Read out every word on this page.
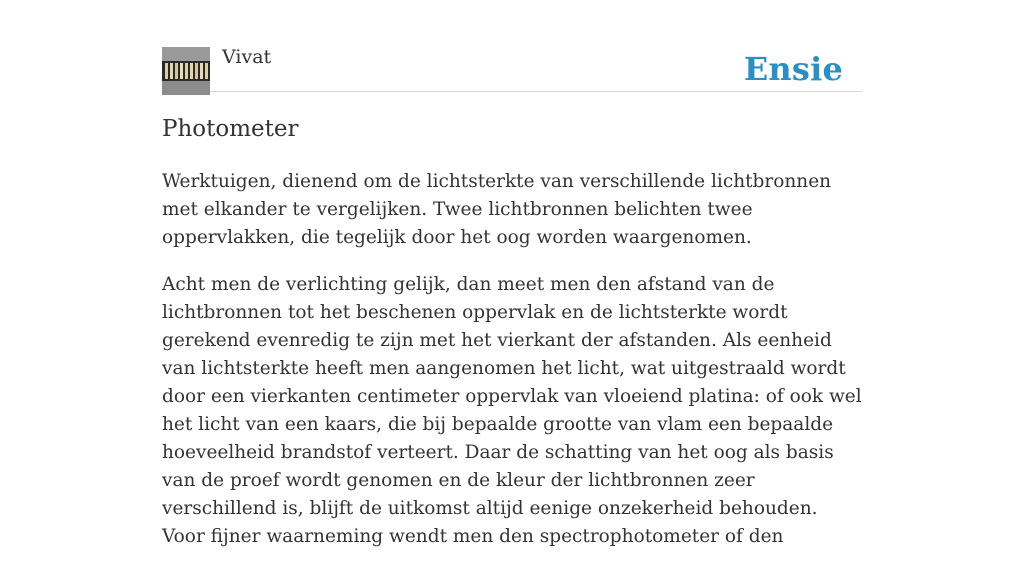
Vivat	Ensie
Photometer

Werktuigen, dienend om de lichtsterkte van verschillende lichtbronnen met elkander te vergelijken. Twee lichtbronnen belichten twee oppervlakken, die tegelijk door het oog worden waargenomen.

Acht men de verlichting gelijk, dan meet men den afstand van de lichtbronnen tot het beschenen oppervlak en de lichtsterkte wordt gerekend evenredig te zijn met het vierkant der afstanden. Als eenheid van lichtsterkte heeft men aangenomen het licht, wat uitgestraald wordt door een vierkanten centimeter oppervlak van vloeiend platina: of ook wel het licht van een kaars, die bij bepaalde grootte van vlam een bepaalde hoeveelheid brandstof verteert. Daar de schatting van het oog als basis van de proef wordt genomen en de kleur der lichtbronnen zeer verschillend is, blijft de uitkomst altijd eenige onzekerheid behouden. Voor fijner waarneming wendt men den spectrophotometer of den
